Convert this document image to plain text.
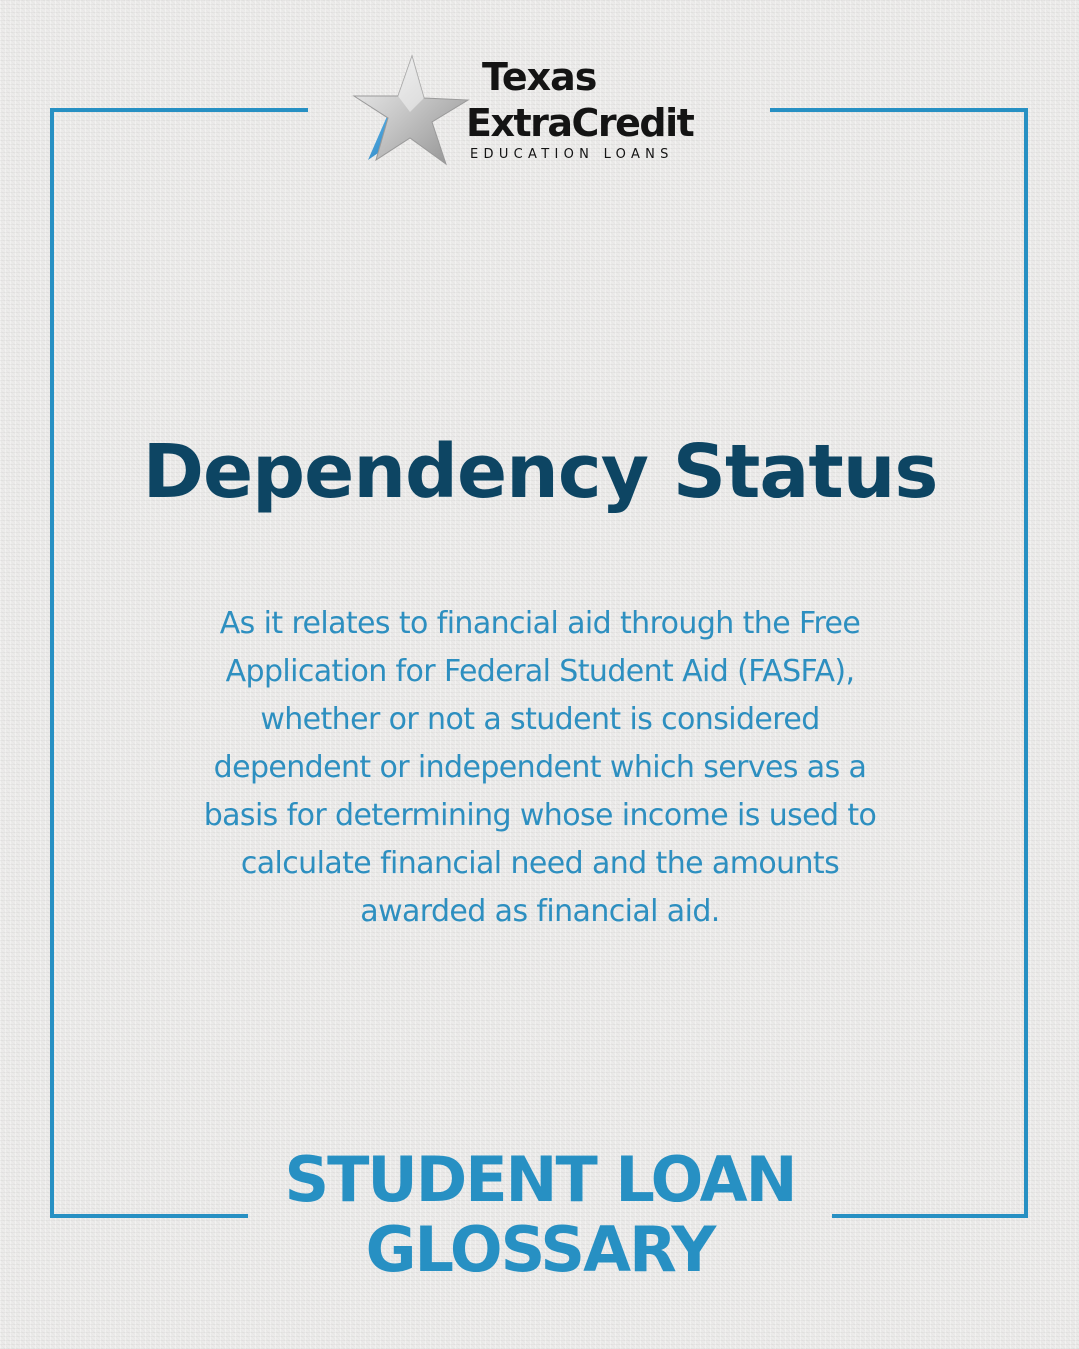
Texas
ExtraCredit
EDUCATION LOANS
Dependency Status
As it relates to financial aid through the Free
Application for Federal Student Aid (FASFA),
whether or not a student is considered
dependent or independent which serves as a
basis for determining whose income is used to
calculate financial need and the amounts
awarded as financial aid.
STUDENT LOAN
GLOSSARY
